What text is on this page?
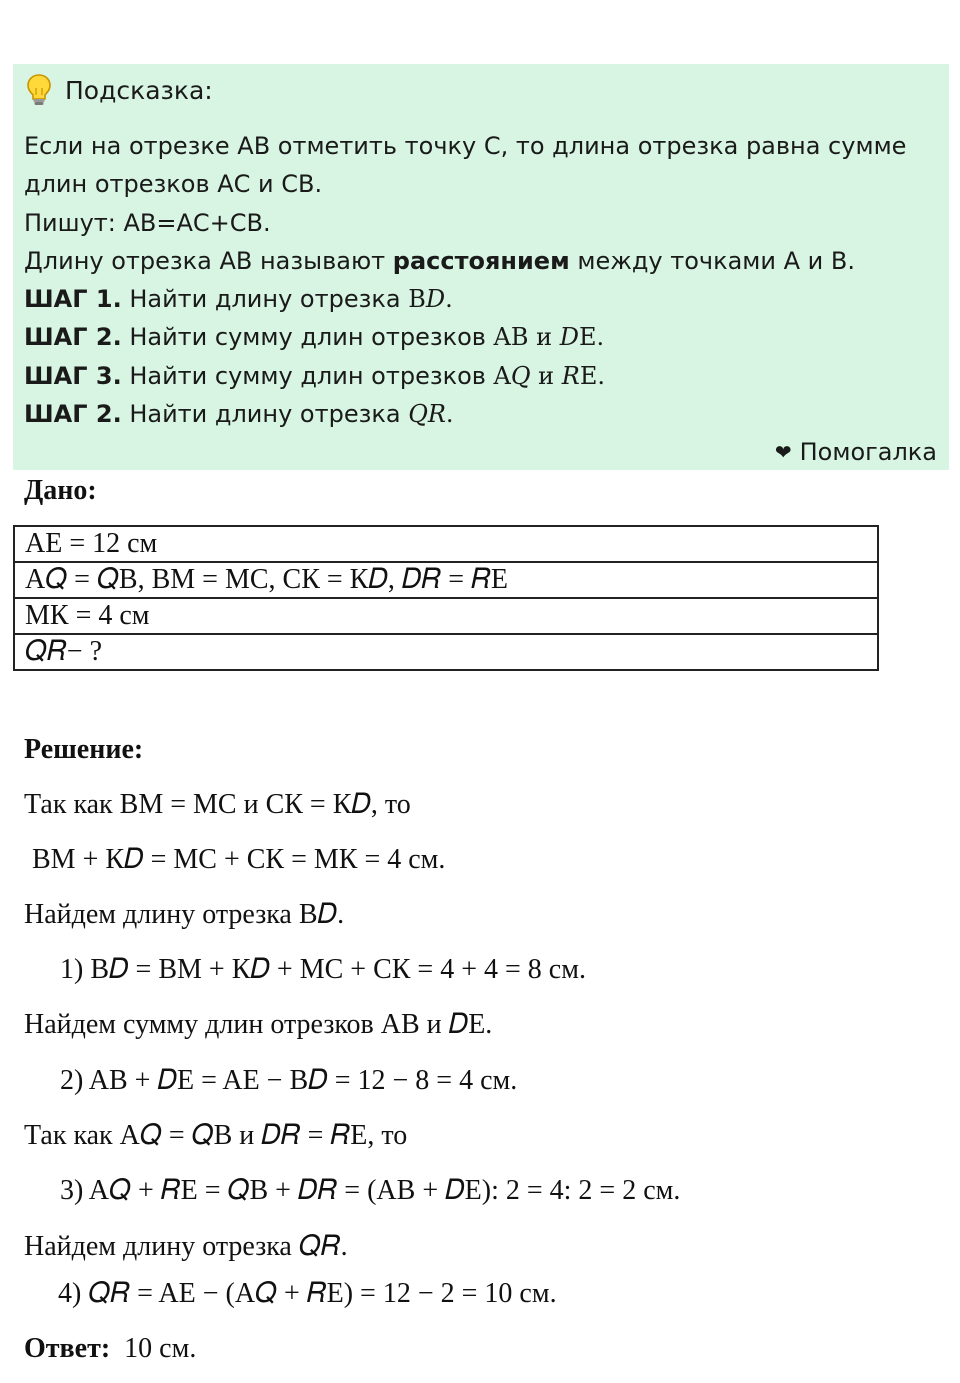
Подсказка:
Если на отрезке АВ отметить точку С, то длина отрезка равна сумме
длин отрезков АС и СВ.
Пишут: АВ=АС+СВ.
Длину отрезка АВ называют расстоянием между точками А и В.
ШАГ 1. Найти длину отрезка B𝐷.
ШАГ 2. Найти сумму длин отрезков AB и 𝐷E.
ШАГ 3. Найти сумму длин отрезков A𝑄 и 𝑅E.
ШАГ 2. Найти длину отрезка 𝑄𝑅.
❤ Помогалка
Дано:
АЕ = 12 см
A𝑄 = 𝑄B, BM = MC, CК = К𝐷, 𝐷𝑅 = 𝑅E
МК = 4 см
𝑄𝑅− ?
Решение:
Так как BM = MC и CК = К𝐷, то
BM + К𝐷 = MC + CК = МК = 4 см.
Найдем длину отрезка B𝐷.
1) B𝐷 = BM + К𝐷 + MC + CК = 4 + 4 = 8 см.
Найдем сумму длин отрезков AB и 𝐷E.
2) AB + 𝐷E = AE − B𝐷 = 12 − 8 = 4 см.
Так как A𝑄 = 𝑄B и 𝐷𝑅 = 𝑅E, то
3) A𝑄 + 𝑅E = 𝑄B + 𝐷𝑅 = (AB + 𝐷E): 2 = 4: 2 = 2 см.
Найдем длину отрезка 𝑄𝑅.
4) 𝑄𝑅 = AE − (A𝑄 + 𝑅E) = 12 − 2 = 10 см.
Ответ: 10 см.
